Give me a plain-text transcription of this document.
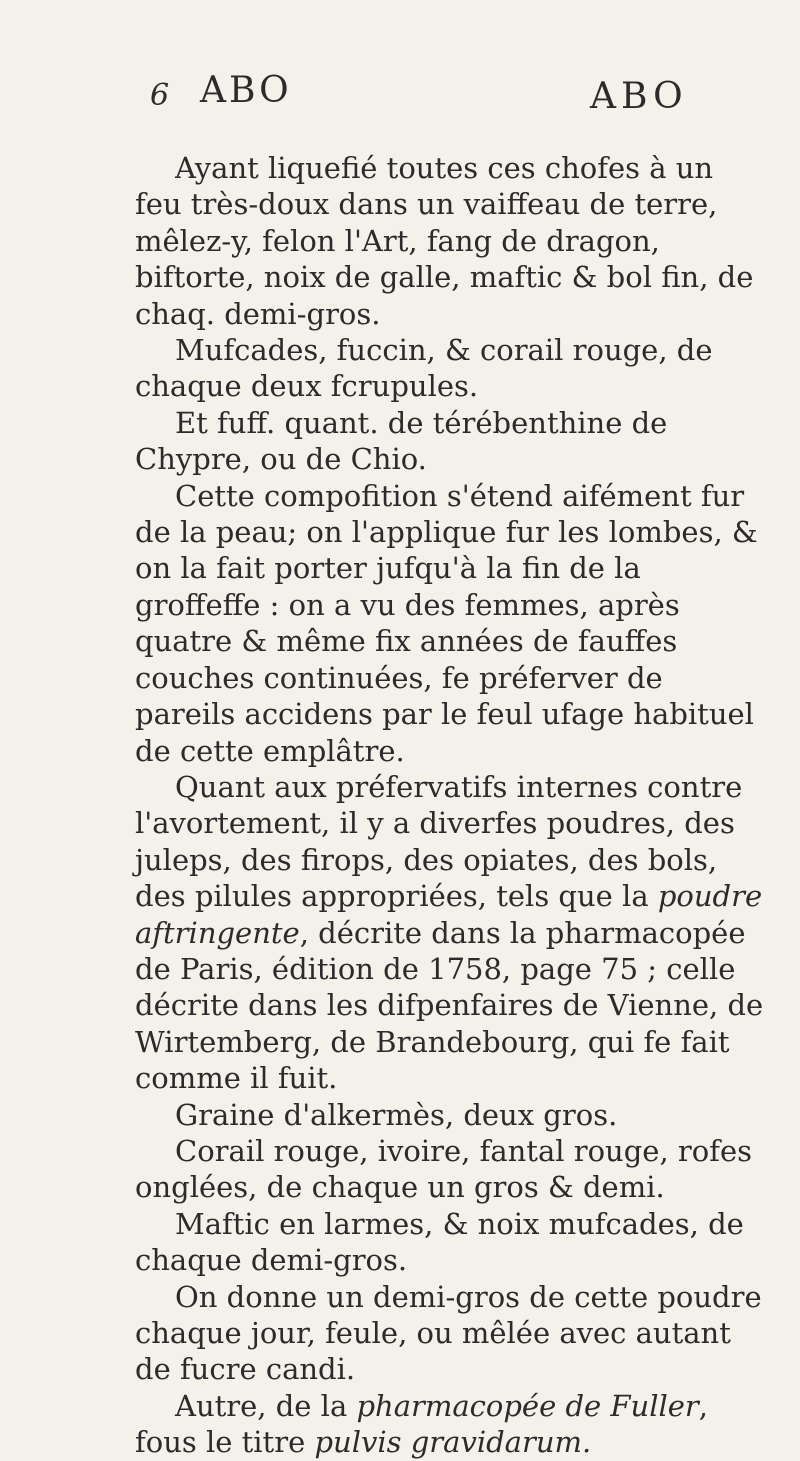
6 ABO	ABO

Ayant liquefié toutes ces chofes à un feu très-doux dans un vaiffeau de terre, mêlez-y, felon l'Art, fang de dragon, biftorte, noix de galle, maftic & bol fin, de chaq. demi-gros.

Mufcades, fuccin, & corail rouge, de chaque deux fcrupules.

Et fuff. quant. de térébenthine de Chypre, ou de Chio.

Cette compofition s'étend aifément fur de la peau; on l'applique fur les lombes, & on la fait porter jufqu'à la fin de la groffeffe : on a vu des femmes, après quatre & même fix années de fauffes couches continuées, fe préferver de pareils accidens par le feul ufage habituel de cette emplâtre.

Quant aux préfervatifs internes contre l'avortement, il y a diverfes poudres, des juleps, des firops, des opiates, des bols, des pilules appropriées, tels que la poudre aftringente, décrite dans la pharmacopée de Paris, édition de 1758, page 75 ; celle décrite dans les difpenfaires de Vienne, de Wirtemberg, de Brandebourg, qui fe fait comme il fuit.

Graine d'alkermès, deux gros.

Corail rouge, ivoire, fantal rouge, rofes onglées, de chaque un gros & demi.

Maftic en larmes, & noix mufcades, de chaque demi-gros.

On donne un demi-gros de cette poudre chaque jour, feule, ou mêlée avec autant de fucre candi.

Autre, de la pharmacopée de Fuller, fous le titre pulvis gravidarum.
